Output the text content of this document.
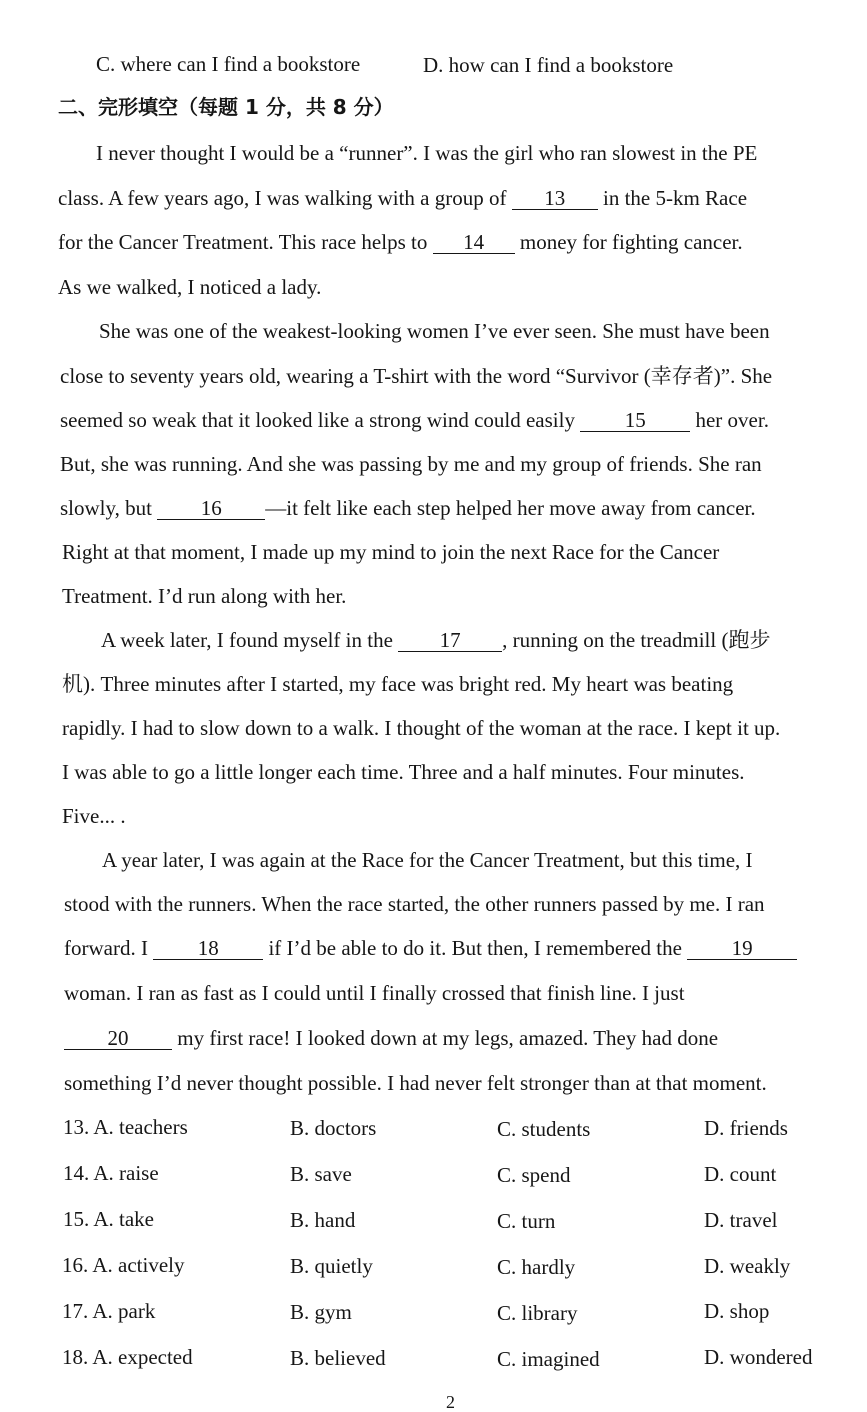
C. where can I find a bookstore	D. how can I find a bookstore
二、完形填空（每题 1 分，共 8 分）
I never thought I would be a “runner”. I was the girl who ran slowest in the PE
class. A few years ago, I was walking with a group of 13 in the 5-km Race
for the Cancer Treatment. This race helps to 14 money for fighting cancer.
As we walked, I noticed a lady.
She was one of the weakest-looking women I’ve ever seen. She must have been
close to seventy years old, wearing a T-shirt with the word “Survivor (幸存者)”. She
seemed so weak that it looked like a strong wind could easily 15 her over.
But, she was running. And she was passing by me and my group of friends. She ran
slowly, but 16 —it felt like each step helped her move away from cancer.
Right at that moment, I made up my mind to join the next Race for the Cancer
Treatment. I’d run along with her.
A week later, I found myself in the 17 , running on the treadmill (跑步
机). Three minutes after I started, my face was bright red. My heart was beating
rapidly. I had to slow down to a walk. I thought of the woman at the race. I kept it up.
I was able to go a little longer each time. Three and a half minutes. Four minutes.
Five... .
A year later, I was again at the Race for the Cancer Treatment, but this time, I
stood with the runners. When the race started, the other runners passed by me. I ran
forward. I 18 if I’d be able to do it. But then, I remembered the 19
woman. I ran as fast as I could until I finally crossed that finish line. I just
20 my first race! I looked down at my legs, amazed. They had done
something I’d never thought possible. I had never felt stronger than at that moment.
13. A. teachers	B. doctors	C. students	D. friends
14. A. raise	B. save	C. spend	D. count
15. A. take	B. hand	C. turn	D. travel
16. A. actively	B. quietly	C. hardly	D. weakly
17. A. park	B. gym	C. library	D. shop
18. A. expected	B. believed	C. imagined	D. wondered
2
